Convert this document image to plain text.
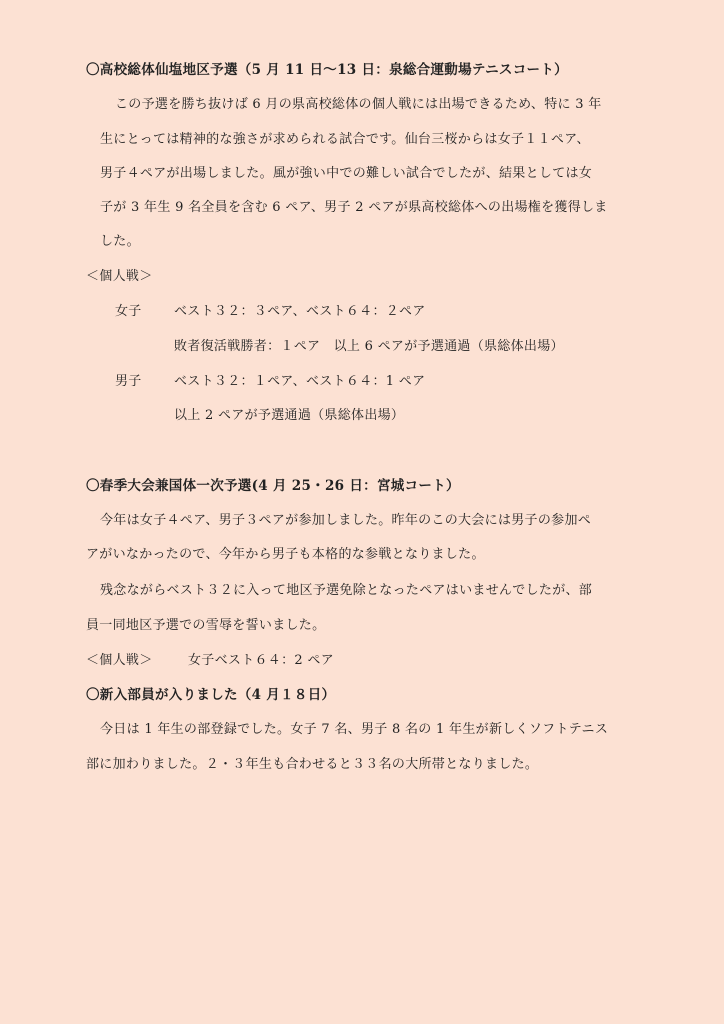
〇高校総体仙塩地区予選（5 月 11 日〜13 日：泉総合運動場テニスコート）
この予選を勝ち抜けば 6 月の県高校総体の個人戦には出場できるため、特に 3 年
生にとっては精神的な強さが求められる試合です。仙台三桜からは女子１１ペア、
男子４ペアが出場しました。風が強い中での難しい試合でしたが、結果としては女
子が 3 年生 9 名全員を含む 6 ペア、男子 2 ペアが県高校総体への出場権を獲得しま
した。
＜個人戦＞
女子 ベスト３２：３ペア、ベスト６４：２ペア
敗者復活戦勝者：１ペア　以上 6 ペアが予選通過（県総体出場）
男子 ベスト３２：１ペア、ベスト６４：1 ペア
以上 2 ペアが予選通過（県総体出場）
〇春季大会兼国体一次予選(4 月 25・26 日：宮城コート）
今年は女子４ペア、男子３ペアが参加しました。昨年のこの大会には男子の参加ペ
アがいなかったので、今年から男子も本格的な参戦となりました。
残念ながらベスト３２に入って地区予選免除となったペアはいませんでしたが、部
員一同地区予選での雪辱を誓いました。
＜個人戦＞	女子ベスト６４：2 ペア
〇新入部員が入りました（4 月１８日）
今日は 1 年生の部登録でした。女子 7 名、男子 8 名の 1 年生が新しくソフトテニス
部に加わりました。２・３年生も合わせると３３名の大所帯となりました。
